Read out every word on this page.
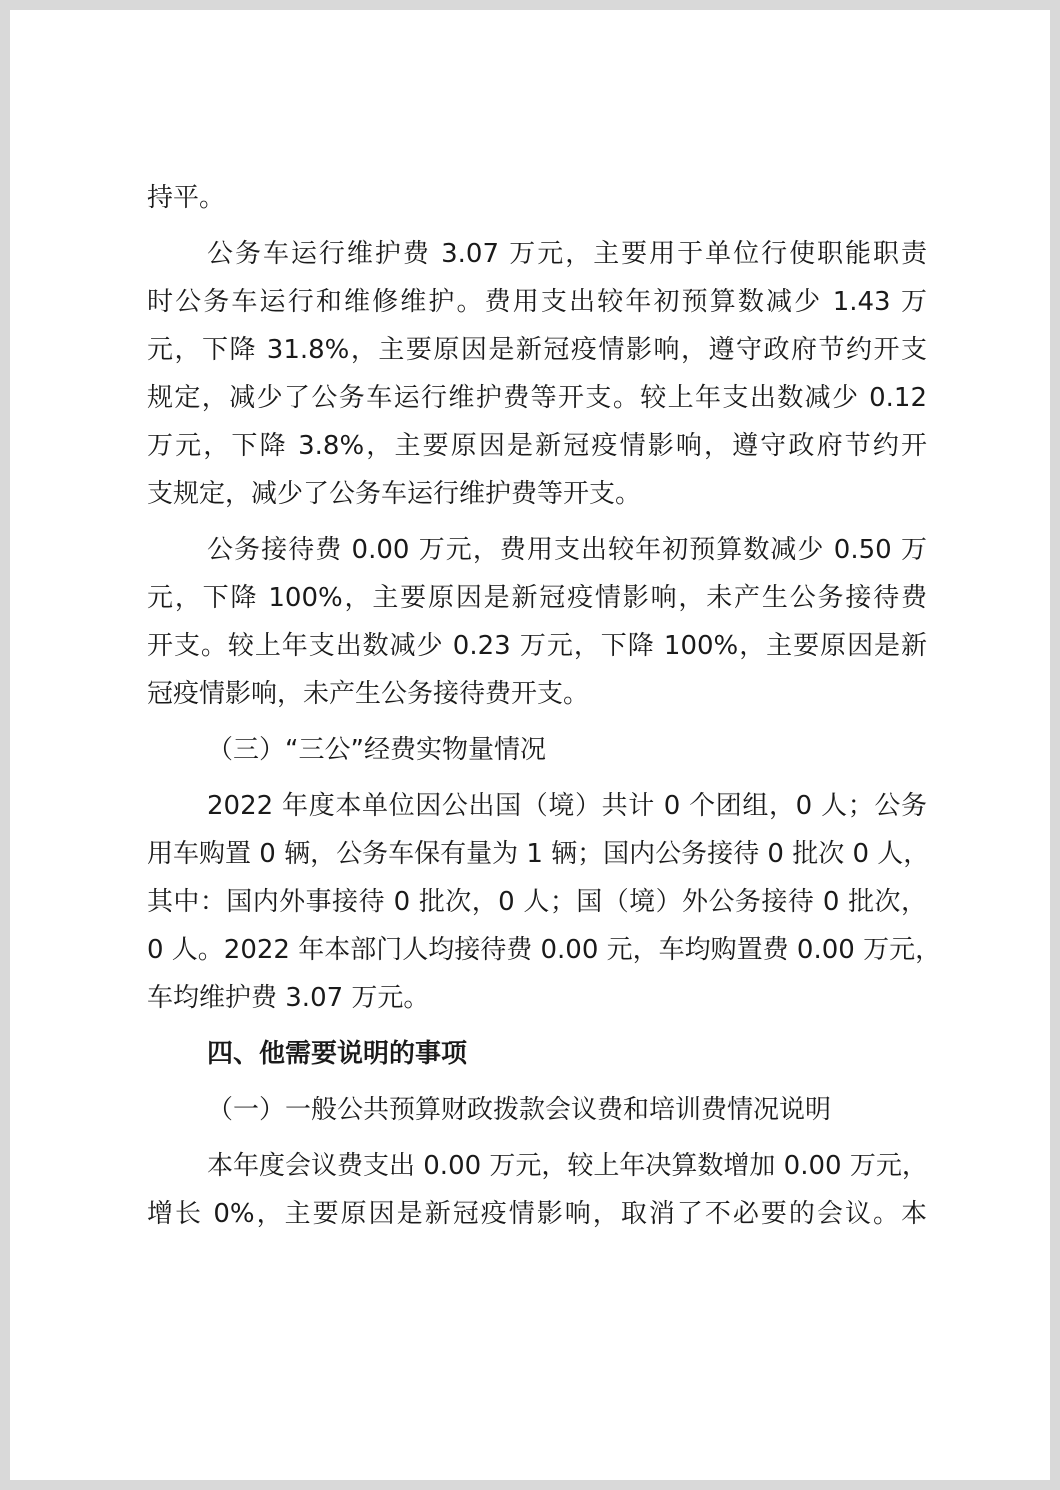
持平。
公务车运行维护费 3.07 万元，主要用于单位行使职能职责
时公务车运行和维修维护。费用支出较年初预算数减少 1.43 万
元，下降 31.8%，主要原因是新冠疫情影响，遵守政府节约开支
规定，减少了公务车运行维护费等开支。较上年支出数减少 0.12
万元，下降 3.8%，主要原因是新冠疫情影响，遵守政府节约开
支规定，减少了公务车运行维护费等开支。
公务接待费 0.00 万元，费用支出较年初预算数减少 0.50 万
元，下降 100%，主要原因是新冠疫情影响，未产生公务接待费
开支。较上年支出数减少 0.23 万元，下降 100%，主要原因是新
冠疫情影响，未产生公务接待费开支。
（三）“三公”经费实物量情况
2022 年度本单位因公出国（境）共计 0 个团组，0 人；公务
用车购置 0 辆，公务车保有量为 1 辆；国内公务接待 0 批次 0 人，
其中：国内外事接待 0 批次，0 人；国（境）外公务接待 0 批次，
0 人。2022 年本部门人均接待费 0.00 元，车均购置费 0.00 万元，
车均维护费 3.07 万元。
四、他需要说明的事项
（一）一般公共预算财政拨款会议费和培训费情况说明
本年度会议费支出 0.00 万元，较上年决算数增加 0.00 万元，
增长 0%，主要原因是新冠疫情影响，取消了不必要的会议。本
